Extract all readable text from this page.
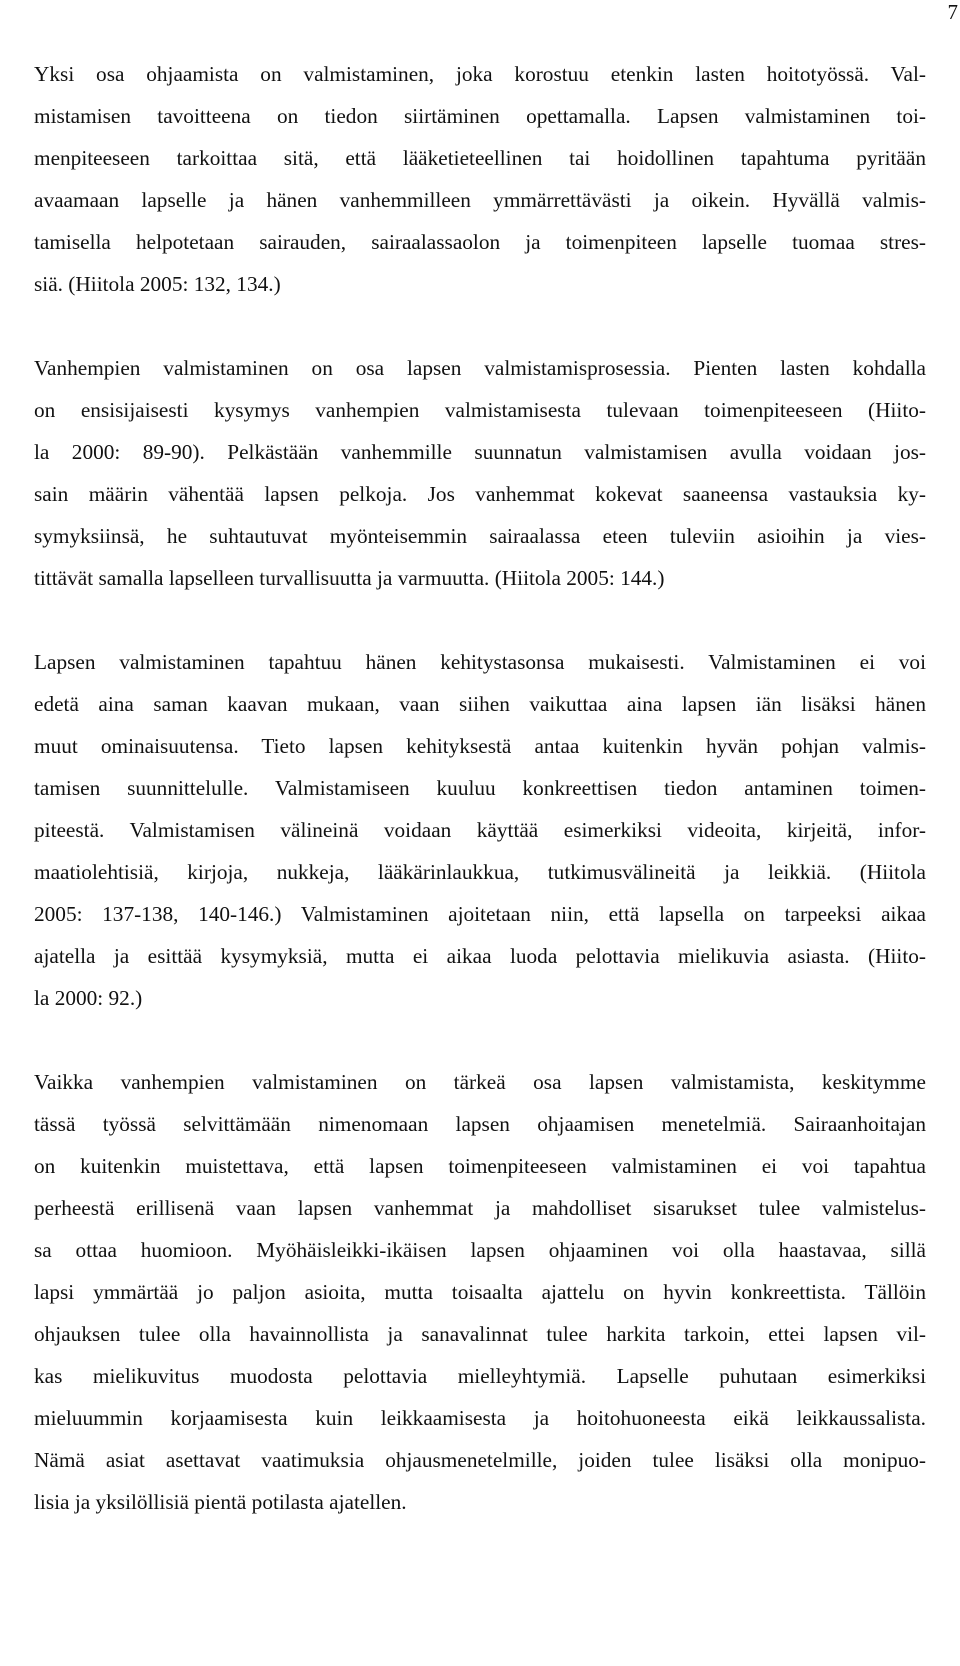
7

Yksi osa ohjaamista on valmistaminen, joka korostuu etenkin lasten hoitotyössä. Val-
mistamisen tavoitteena on tiedon siirtäminen opettamalla. Lapsen valmistaminen toi-
menpiteeseen tarkoittaa sitä, että lääketieteellinen tai hoidollinen tapahtuma pyritään
avaamaan lapselle ja hänen vanhemmilleen ymmärrettävästi ja oikein. Hyvällä valmis-
tamisella helpotetaan sairauden, sairaalassaolon ja toimenpiteen lapselle tuomaa stres-
siä. (Hiitola 2005: 132, 134.)

Vanhempien valmistaminen on osa lapsen valmistamisprosessia. Pienten lasten kohdalla
on ensisijaisesti kysymys vanhempien valmistamisesta tulevaan toimenpiteeseen (Hiito-
la 2000: 89-90). Pelkästään vanhemmille suunnatun valmistamisen avulla voidaan jos-
sain määrin vähentää lapsen pelkoja. Jos vanhemmat kokevat saaneensa vastauksia ky-
symyksiinsä, he suhtautuvat myönteisemmin sairaalassa eteen tuleviin asioihin ja vies-
tittävät samalla lapselleen turvallisuutta ja varmuutta. (Hiitola 2005: 144.)

Lapsen valmistaminen tapahtuu hänen kehitystasonsa mukaisesti. Valmistaminen ei voi
edetä aina saman kaavan mukaan, vaan siihen vaikuttaa aina lapsen iän lisäksi hänen
muut ominaisuutensa. Tieto lapsen kehityksestä antaa kuitenkin hyvän pohjan valmis-
tamisen suunnittelulle. Valmistamiseen kuuluu konkreettisen tiedon antaminen toimen-
piteestä. Valmistamisen välineinä voidaan käyttää esimerkiksi videoita, kirjeitä, infor-
maatiolehtisiä, kirjoja, nukkeja, lääkärinlaukkua, tutkimusvälineitä ja leikkiä. (Hiitola
2005: 137-138, 140-146.) Valmistaminen ajoitetaan niin, että lapsella on tarpeeksi aikaa
ajatella ja esittää kysymyksiä, mutta ei aikaa luoda pelottavia mielikuvia asiasta. (Hiito-
la 2000: 92.)

Vaikka vanhempien valmistaminen on tärkeä osa lapsen valmistamista, keskitymme
tässä työssä selvittämään nimenomaan lapsen ohjaamisen menetelmiä. Sairaanhoitajan
on kuitenkin muistettava, että lapsen toimenpiteeseen valmistaminen ei voi tapahtua
perheestä erillisenä vaan lapsen vanhemmat ja mahdolliset sisarukset tulee valmistelus-
sa ottaa huomioon. Myöhäisleikki-ikäisen lapsen ohjaaminen voi olla haastavaa, sillä
lapsi ymmärtää jo paljon asioita, mutta toisaalta ajattelu on hyvin konkreettista. Tällöin
ohjauksen tulee olla havainnollista ja sanavalinnat tulee harkita tarkoin, ettei lapsen vil-
kas mielikuvitus muodosta pelottavia mielleyhtymiä. Lapselle puhutaan esimerkiksi
mieluummin korjaamisesta kuin leikkaamisesta ja hoitohuoneesta eikä leikkaussalista.
Nämä asiat asettavat vaatimuksia ohjausmenetelmille, joiden tulee lisäksi olla monipuo-
lisia ja yksilöllisiä pientä potilasta ajatellen.
